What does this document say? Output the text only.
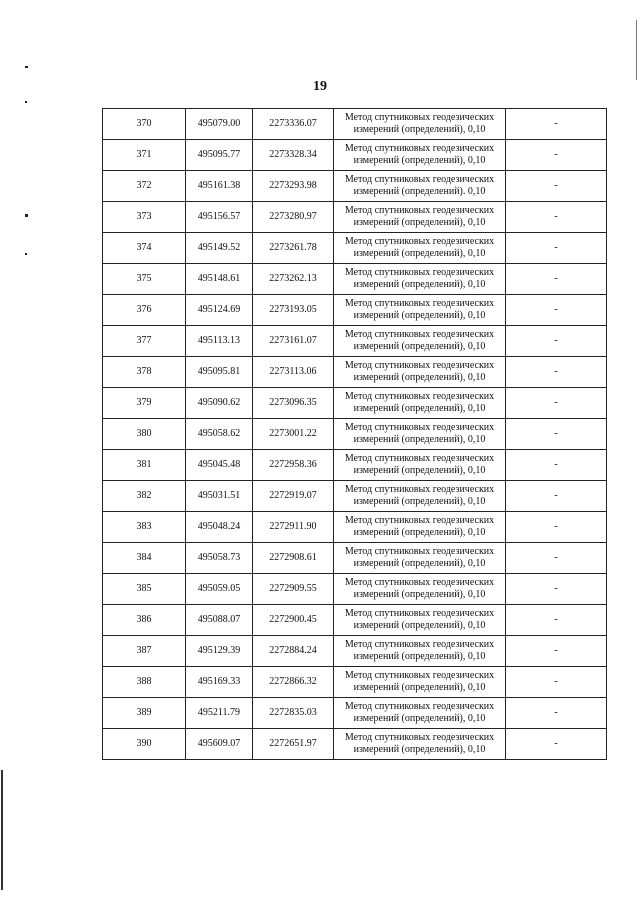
19
370	495079.00	2273336.07	Метод спутниковых геодезических
измерений (определений), 0,10	-
371	495095.77	2273328.34	Метод спутниковых геодезических
измерений (определений), 0,10	-
372	495161.38	2273293.98	Метод спутниковых геодезических
измерений (определений). 0,10	-
373	495156.57	2273280.97	Метод спутниковых геодезических
измерений (определений), 0,10	-
374	495149.52	2273261.78	Метод спутниковых геодезических
измерений (определений), 0,10	-
375	495148.61	2273262.13	Метод спутниковых геодезических
измерений (определений), 0,10	-
376	495124.69	2273193.05	Метод спутниковых геодезических
измерений (определений), 0,10	-
377	495113.13	2273161.07	Метод спутниковых геодезических
измерений (определений), 0,10	-
378	495095.81	2273113.06	Метод спутниковых геодезических
измерений (определений), 0,10	-
379	495090.62	2273096.35	Метод спутниковых геодезических
измерений (определений), 0,10	-
380	495058.62	2273001.22	Метод спутниковых геодезических
измерений (определений), 0,10	-
381	495045.48	2272958.36	Метод спутниковых геодезических
измерений (определений), 0,10	-
382	495031.51	2272919.07	Метод спутниковых геодезических
измерений (определений), 0,10	-
383	495048.24	2272911.90	Метод спутниковых геодезических
измерений (определений), 0,10	-
384	495058.73	2272908.61	Метод спутниковых геодезических
измерений (определений), 0,10	-
385	495059.05	2272909.55	Метод спутниковых геодезических
измерений (определений), 0,10	-
386	495088.07	2272900.45	Метод спутниковых геодезических
измерений (определений), 0,10	-
387	495129.39	2272884.24	Метод спутниковых геодезических
измерений (определений), 0,10	-
388	495169.33	2272866.32	Метод спутниковых геодезических
измерений (определений), 0,10	-
389	495211.79	2272835.03	Метод спутниковых геодезических
измерений (определений), 0,10	-
390	495609.07	2272651.97	Метод спутниковых геодезических
измерений (определений), 0,10	-
